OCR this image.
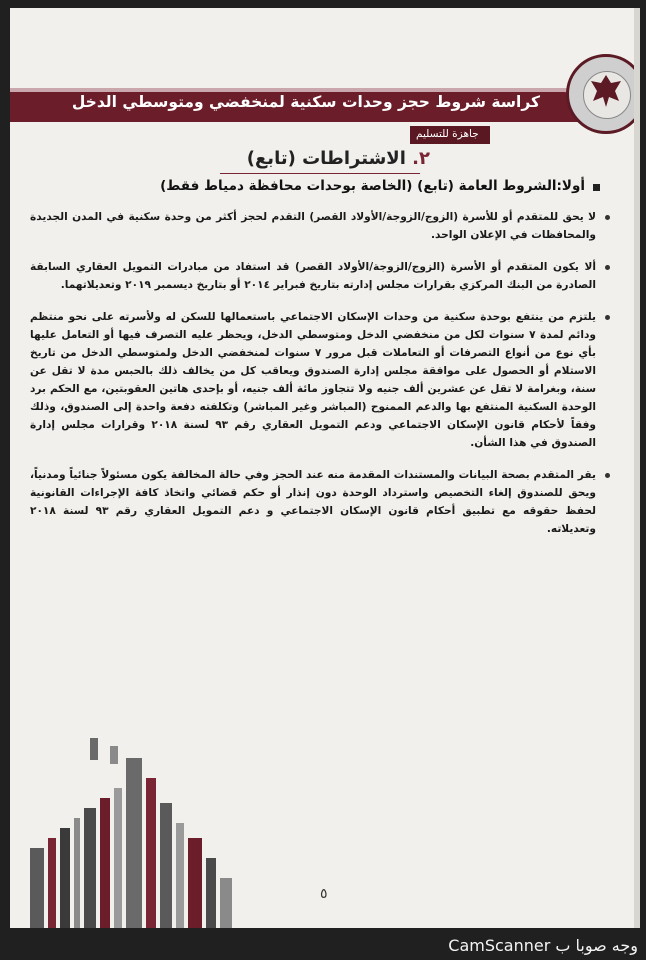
كراسة شروط حجز وحدات سكنية لمنخفضي ومتوسطي الدخل
جاهزة للتسليم
٢. الاشتراطات (تابع)
أولا:الشروط العامة (تابع) (الخاصة بوحدات محافظة دمياط فقط)

لا يحق للمتقدم أو للأسرة (الزوج/الزوجة/الأولاد القصر) التقدم لحجز أكثر من وحدة سكنية في المدن الجديدة والمحافظات في الإعلان الواحد.

ألا يكون المتقدم أو الأسرة (الزوج/الزوجة/الأولاد القصر) قد استفاد من مبادرات التمويل العقاري السابقة الصادرة من البنك المركزي بقرارات مجلس إدارته بتاريخ فبراير ٢٠١٤ أو بتاريخ ديسمبر ٢٠١٩ وتعديلاتهما.

يلتزم من ينتفع بوحدة سكنية من وحدات الإسكان الاجتماعي باستعمالها للسكن له ولأسرته على نحو منتظم ودائم لمدة ٧ سنوات لكل من منخفضي الدخل ومتوسطي الدخل، ويحظر عليه التصرف فيها أو التعامل عليها بأي نوع من أنواع التصرفات أو التعاملات قبل مرور ٧ سنوات لمنخفضي الدخل ولمتوسطي الدخل من تاريخ الاستلام أو الحصول على موافقة مجلس إدارة الصندوق ويعاقب كل من يخالف ذلك بالحبس مدة لا تقل عن سنة، وبغرامة لا تقل عن عشرين ألف جنيه ولا تتجاوز مائة ألف جنيه، أو بإحدى هاتين العقوبتين، مع الحكم برد الوحدة السكنية المنتفع بها والدعم الممنوح (المباشر وغير المباشر) وتكلفته دفعة واحدة إلى الصندوق، وذلك وفقاً لأحكام قانون الإسكان الاجتماعي ودعم التمويل العقاري رقم ٩٣ لسنة ٢٠١٨ وقرارات مجلس إدارة الصندوق في هذا الشأن.

يقر المتقدم بصحة البيانات والمستندات المقدمة منه عند الحجز وفي حالة المخالفة يكون مسئولاً جنائياً ومدنياً، ويحق للصندوق إلغاء التخصيص واسترداد الوحدة دون إنذار أو حكم قضائي واتخاذ كافة الإجراءات القانونية لحفظ حقوقه مع تطبيق أحكام قانون الإسكان الاجتماعي و دعم التمويل العقاري رقم ٩٣ لسنة ٢٠١٨ وتعديلاته.

٥
وجه صوبا ب CamScanner
